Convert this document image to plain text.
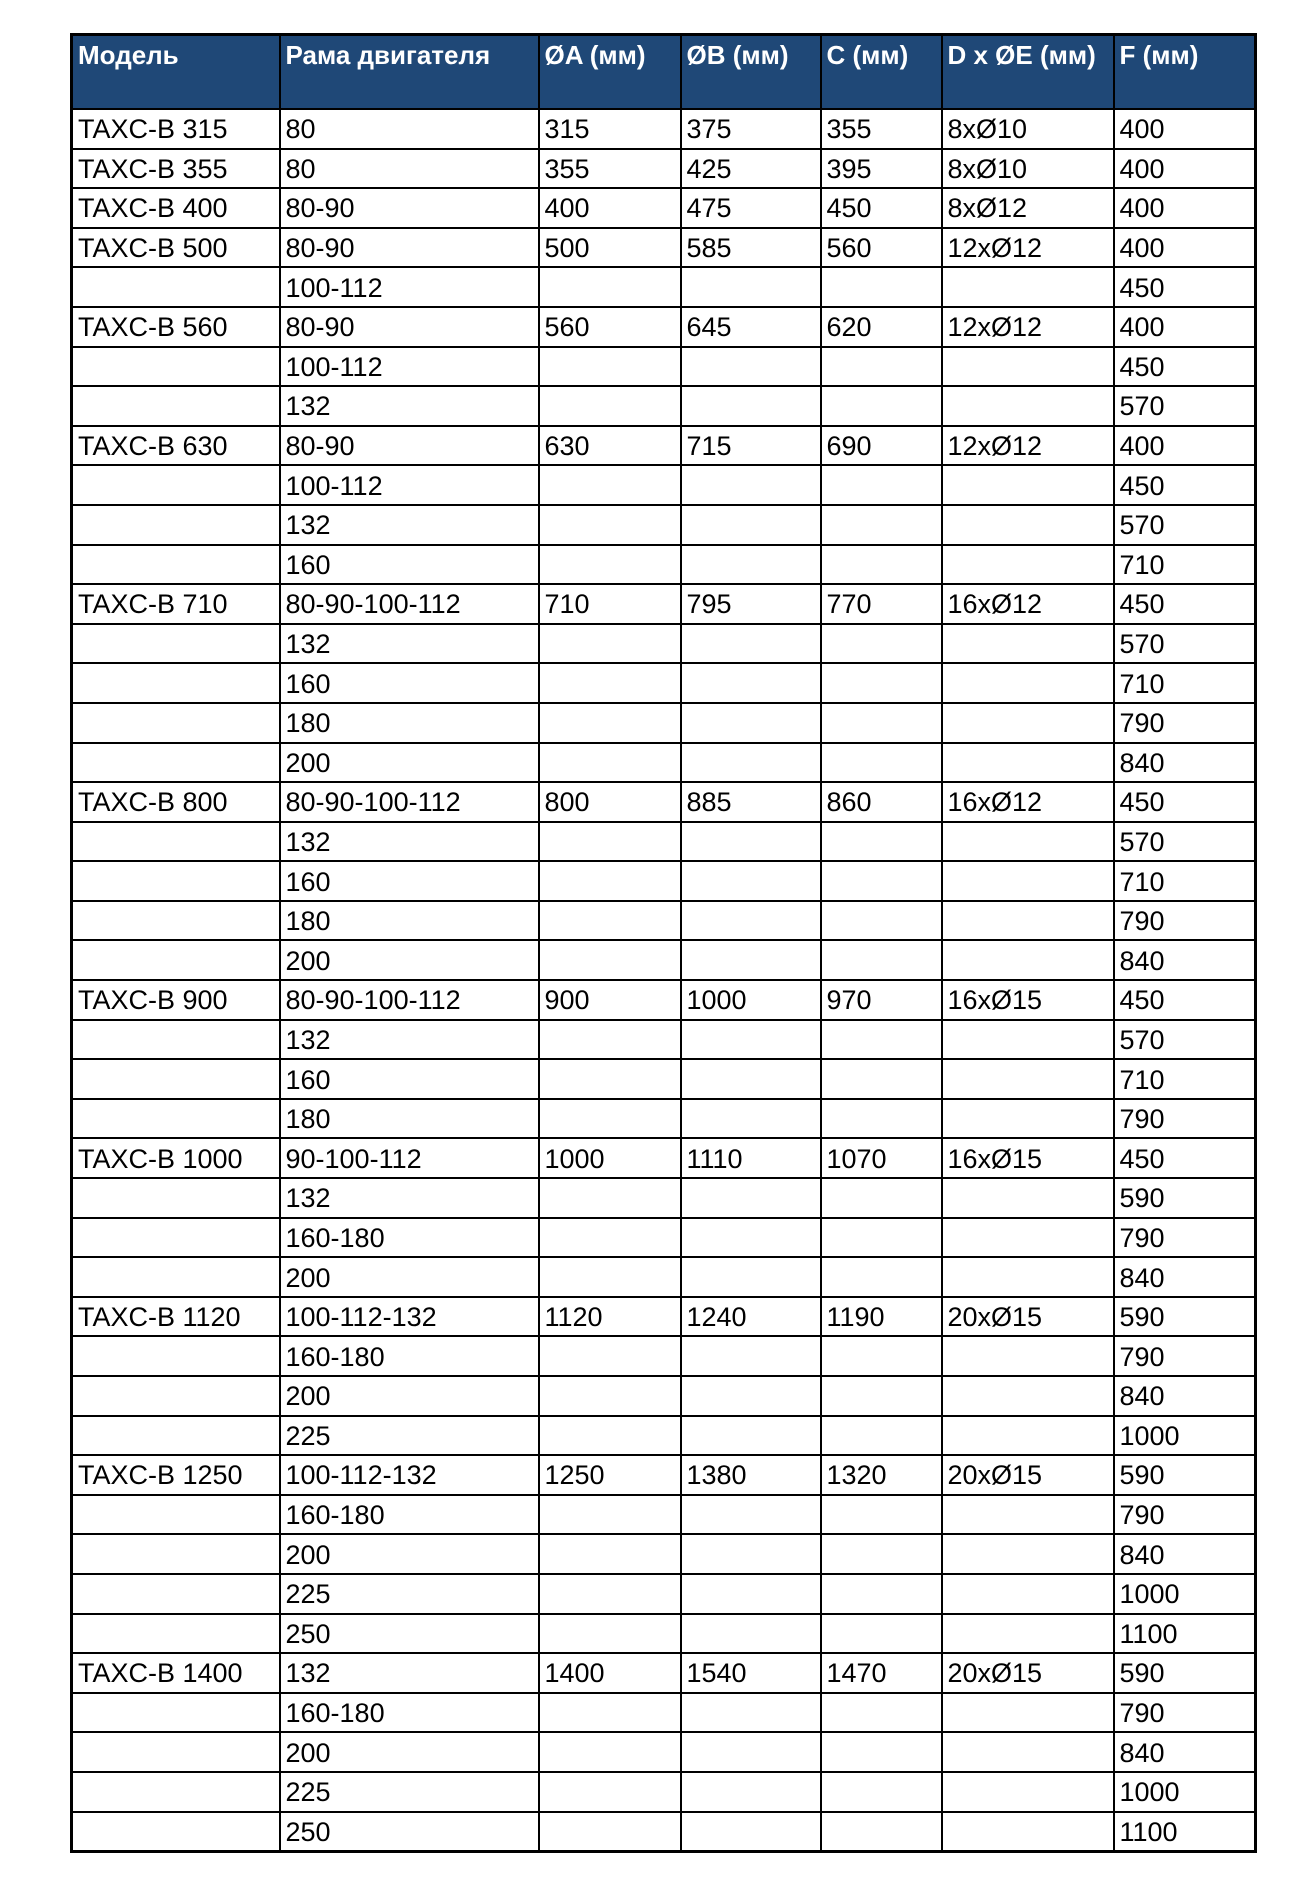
Модель	Рама двигателя	ØA (мм)	ØB (мм)	C (мм)	D x ØE (мм)	F (мм)
TAXC-B 315	80	315	375	355	8xØ10	400
TAXC-B 355	80	355	425	395	8xØ10	400
TAXC-B 400	80-90	400	475	450	8xØ12	400
TAXC-B 500	80-90	500	585	560	12xØ12	400
	100-112					450
TAXC-B 560	80-90	560	645	620	12xØ12	400
	100-112					450
	132					570
TAXC-B 630	80-90	630	715	690	12xØ12	400
	100-112					450
	132					570
	160					710
TAXC-B 710	80-90-100-112	710	795	770	16xØ12	450
	132					570
	160					710
	180					790
	200					840
TAXC-B 800	80-90-100-112	800	885	860	16xØ12	450
	132					570
	160					710
	180					790
	200					840
TAXC-B 900	80-90-100-112	900	1000	970	16xØ15	450
	132					570
	160					710
	180					790
TAXC-B 1000	90-100-112	1000	1110	1070	16xØ15	450
	132					590
	160-180					790
	200					840
TAXC-B 1120	100-112-132	1120	1240	1190	20xØ15	590
	160-180					790
	200					840
	225					1000
TAXC-B 1250	100-112-132	1250	1380	1320	20xØ15	590
	160-180					790
	200					840
	225					1000
	250					1100
TAXC-B 1400	132	1400	1540	1470	20xØ15	590
	160-180					790
	200					840
	225					1000
	250					1100
